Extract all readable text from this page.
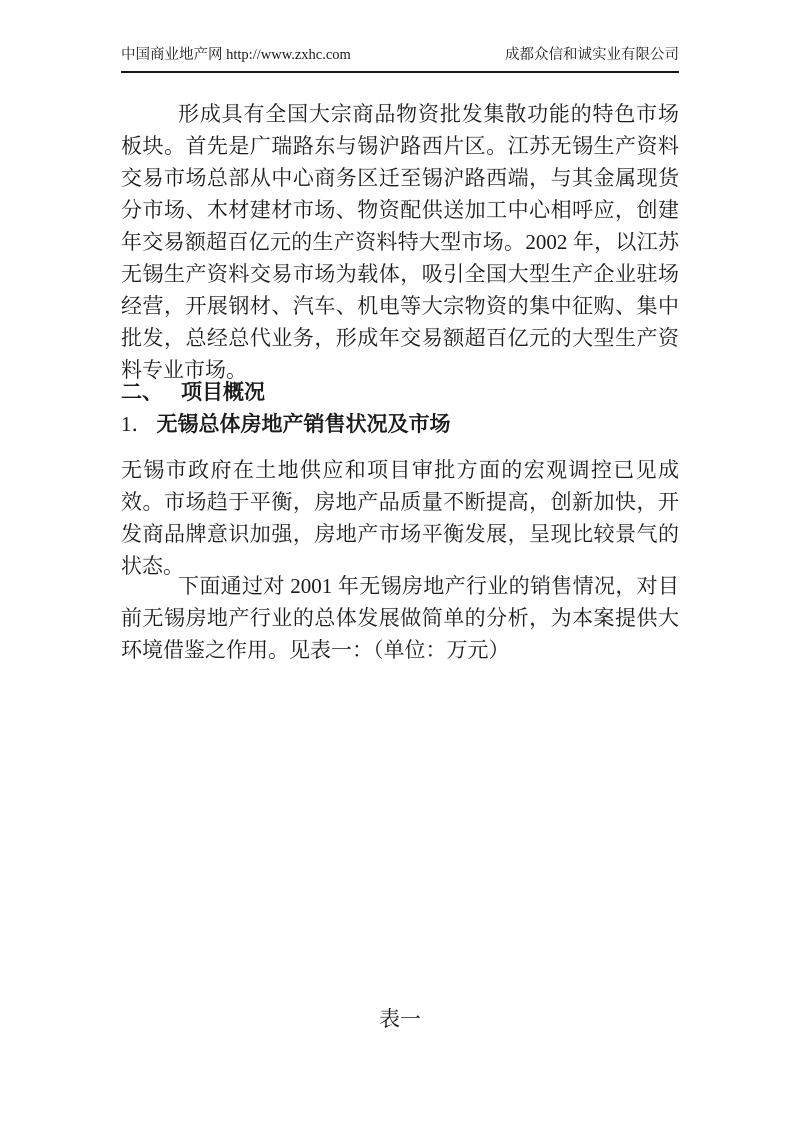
中国商业地产网 http://www.zxhc.com	成都众信和诚实业有限公司
形成具有全国大宗商品物资批发集散功能的特色市场板块。首先是广瑞路东与锡沪路西片区。江苏无锡生产资料交易市场总部从中心商务区迁至锡沪路西端，与其金属现货分市场、木材建材市场、物资配供送加工中心相呼应，创建年交易额超百亿元的生产资料特大型市场。2002 年，以江苏无锡生产资料交易市场为载体，吸引全国大型生产企业驻场经营，开展钢材、汽车、机电等大宗物资的集中征购、集中批发，总经总代业务，形成年交易额超百亿元的大型生产资料专业市场。
二、 项目概况
1． 无锡总体房地产销售状况及市场
无锡市政府在土地供应和项目审批方面的宏观调控已见成效。市场趋于平衡，房地产品质量不断提高，创新加快，开发商品牌意识加强，房地产市场平衡发展，呈现比较景气的状态。
下面通过对 2001 年无锡房地产行业的销售情况，对目前无锡房地产行业的总体发展做简单的分析，为本案提供大环境借鉴之作用。见表一：（单位：万元）
表一
